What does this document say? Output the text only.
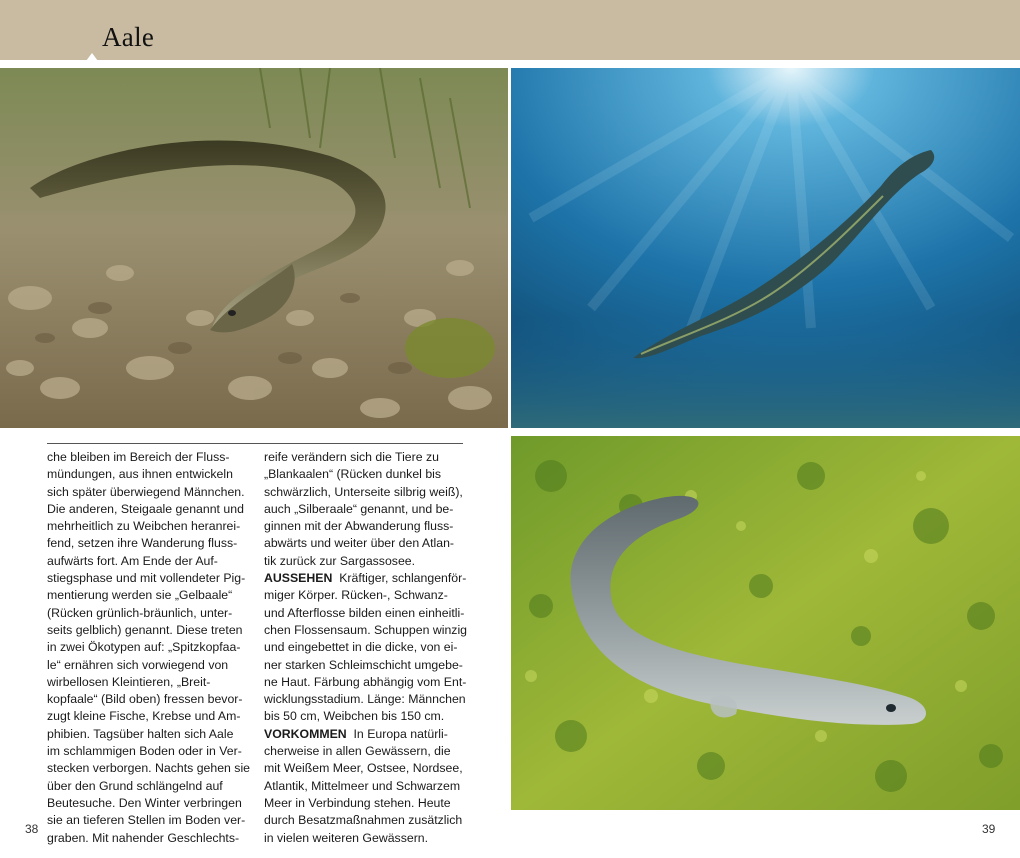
Aale
che bleiben im Bereich der Fluss-
mündungen, aus ihnen entwickeln
sich später überwiegend Männchen.
Die anderen, Steigaale genannt und
mehrheitlich zu Weibchen heranrei-
fend, setzen ihre Wanderung fluss-
aufwärts fort. Am Ende der Auf-
stiegsphase und mit vollendeter Pig-
mentierung werden sie „Gelbaale“
(Rücken grünlich-bräunlich, unter-
seits gelblich) genannt. Diese treten
in zwei Ökotypen auf: „Spitzkopfaa-
le“ ernähren sich vorwiegend von
wirbellosen Kleintieren, „Breit-
kopfaale“ (Bild oben) fressen bevor-
zugt kleine Fische, Krebse und Am-
phibien. Tagsüber halten sich Aale
im schlammigen Boden oder in Ver-
stecken verborgen. Nachts gehen sie
über den Grund schlängelnd auf
Beutesuche. Den Winter verbringen
sie an tieferen Stellen im Boden ver-
graben. Mit nahender Geschlechts-
reife verändern sich die Tiere zu
„Blankaalen“ (Rücken dunkel bis
schwärzlich, Unterseite silbrig weiß),
auch „Silberaale“ genannt, und be-
ginnen mit der Abwanderung fluss-
abwärts und weiter über den Atlan-
tik zurück zur Sargassosee.
AUSSEHEN Kräftiger, schlangenför-
miger Körper. Rücken-, Schwanz-
und Afterflosse bilden einen einheitli-
chen Flossensaum. Schuppen winzig
und eingebettet in die dicke, von ei-
ner starken Schleimschicht umgebe-
ne Haut. Färbung abhängig vom Ent-
wicklungsstadium. Länge: Männchen
bis 50 cm, Weibchen bis 150 cm.
VORKOMMEN In Europa natürli-
cherweise in allen Gewässern, die
mit Weißem Meer, Ostsee, Nordsee,
Atlantik, Mittelmeer und Schwarzem
Meer in Verbindung stehen. Heute
durch Besatzmaßnahmen zusätzlich
in vielen weiteren Gewässern.
38	39
